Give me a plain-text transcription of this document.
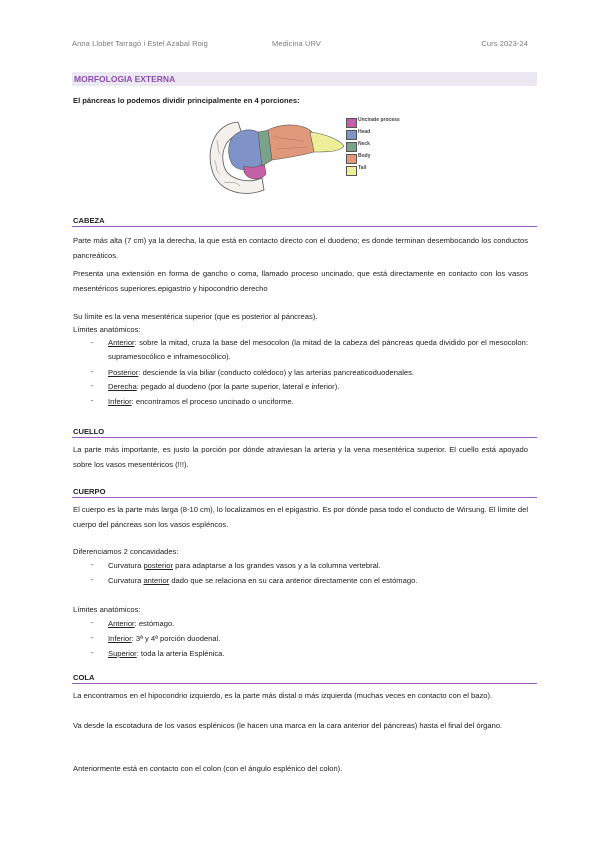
Anna Llobet Tarragó i Estel Azabal Roig	Medicina URV	Curs 2023-24
MORFOLOGIA EXTERNA
El páncreas lo podemos dividir principalmente en 4 porciones:
Uncinate process
Head
Neck
Body
Tail
CABEZA
Parte más alta (7 cm) ya la derecha, la que está en contacto directo con el duodeno; es donde terminan desembocando los conductos pancreáticos.
Presenta una extensión en forma de gancho o coma, llamado proceso uncinado, que está directamente en contacto con los vasos mesentéricos superiores.epigastrio y hipocondrio derecho
Su límite es la vena mesentérica superior (que es posterior al páncreas).
Límites anatómicos:
- Anterior: sobre la mitad, cruza la base del mesocolon (la mitad de la cabeza del páncreas queda dividido por el mesocolon: supramesocólico e inframesocólico).
- Posterior: desciende la vía biliar (conducto colédoco) y las arterias pancreaticoduodenales.
- Derecha: pegado al duodeno (por la parte superior, lateral e inferior).
- Inferior: encontramos el proceso uncinado o unciforme.
CUELLO
La parte más importante, es justo la porción por dónde atraviesan la arteria y la vena mesentérica superior. El cuello está apoyado sobre los vasos mesentéricos (!!!).
CUERPO
El cuerpo es la parte más larga (8-10 cm), lo localizamos en el epigastrio. Es por dónde pasa todo el conducto de Wirsung. El límite del cuerpo del páncreas son los vasos espléncos.
Diferenciamos 2 concavidades:
- Curvatura posterior para adaptarse a los grandes vasos y a la columna vertebral.
- Curvatura anterior dado que se relaciona en su cara anterior directamente con el estómago.
Límites anatómicos:
- Anterior: estómago.
- Inferior: 3ª y 4ª porción duodenal.
- Superior: toda la arteria Esplénica.
COLA
La encontramos en el hipocondrio izquierdo, es la parte más distal o más izquierda (muchas veces en contacto con el bazo).
Va desde la escotadura de los vasos esplénicos (le hacen una marca en la cara anterior del páncreas) hasta el final del órgano.
Anteriormente está en contacto con el colon (con el ángulo esplénico del colon).
